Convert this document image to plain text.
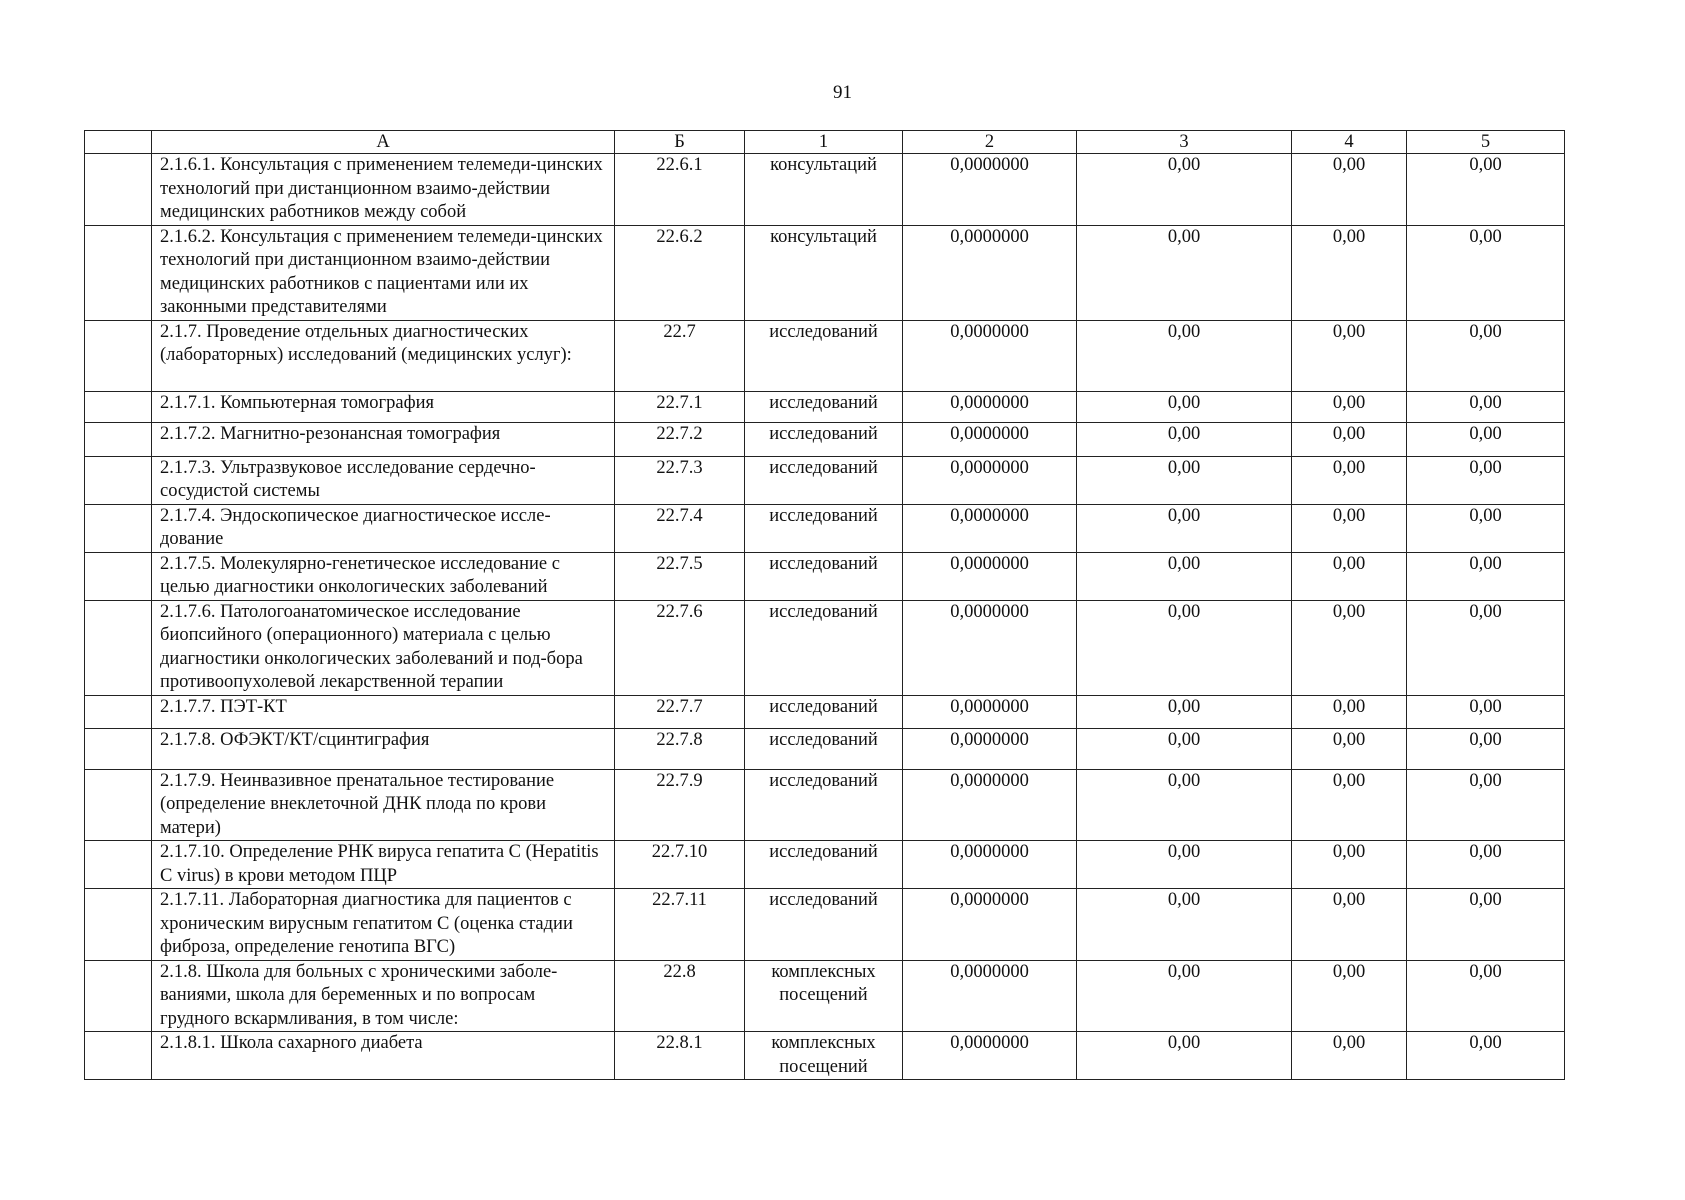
91
	А	Б	1	2	3	4	5
	2.1.6.1. Консультация с применением телемеди-цинских технологий при дистанционном взаимо-действии медицинских работников между собой	22.6.1	консультаций	0,0000000	0,00	0,00	0,00
	2.1.6.2. Консультация с применением телемеди-цинских технологий при дистанционном взаимо-действии медицинских работников с пациентами или их законными представителями	22.6.2	консультаций	0,0000000	0,00	0,00	0,00
	2.1.7. Проведение отдельных диагностических (лабораторных) исследований (медицинских услуг):	22.7	исследований	0,0000000	0,00	0,00	0,00
	2.1.7.1. Компьютерная томография	22.7.1	исследований	0,0000000	0,00	0,00	0,00
	2.1.7.2. Магнитно-резонансная томография	22.7.2	исследований	0,0000000	0,00	0,00	0,00
	2.1.7.3. Ультразвуковое исследование сердечно-сосудистой системы	22.7.3	исследований	0,0000000	0,00	0,00	0,00
	2.1.7.4. Эндоскопическое диагностическое иссле-дование	22.7.4	исследований	0,0000000	0,00	0,00	0,00
	2.1.7.5. Молекулярно-генетическое исследование с целью диагностики онкологических заболеваний	22.7.5	исследований	0,0000000	0,00	0,00	0,00
	2.1.7.6. Патологоанатомическое исследование биопсийного (операционного) материала с целью диагностики онкологических заболеваний и под-бора противоопухолевой лекарственной терапии	22.7.6	исследований	0,0000000	0,00	0,00	0,00
	2.1.7.7. ПЭТ-КТ	22.7.7	исследований	0,0000000	0,00	0,00	0,00
	2.1.7.8. ОФЭКТ/КТ/сцинтиграфия	22.7.8	исследований	0,0000000	0,00	0,00	0,00
	2.1.7.9. Неинвазивное пренатальное тестирование (определение внеклеточной ДНК плода по крови матери)	22.7.9	исследований	0,0000000	0,00	0,00	0,00
	2.1.7.10. Определение РНК вируса гепатита С (Hepatitis C virus) в крови методом ПЦР	22.7.10	исследований	0,0000000	0,00	0,00	0,00
	2.1.7.11. Лабораторная диагностика для пациентов с хроническим вирусным гепатитом С (оценка стадии фиброза, определение генотипа ВГС)	22.7.11	исследований	0,0000000	0,00	0,00	0,00
	2.1.8. Школа для больных с хроническими заболе-ваниями, школа для беременных и по вопросам грудного вскармливания, в том числе:	22.8	комплексных посещений	0,0000000	0,00	0,00	0,00
	2.1.8.1. Школа сахарного диабета	22.8.1	комплексных посещений	0,0000000	0,00	0,00	0,00
